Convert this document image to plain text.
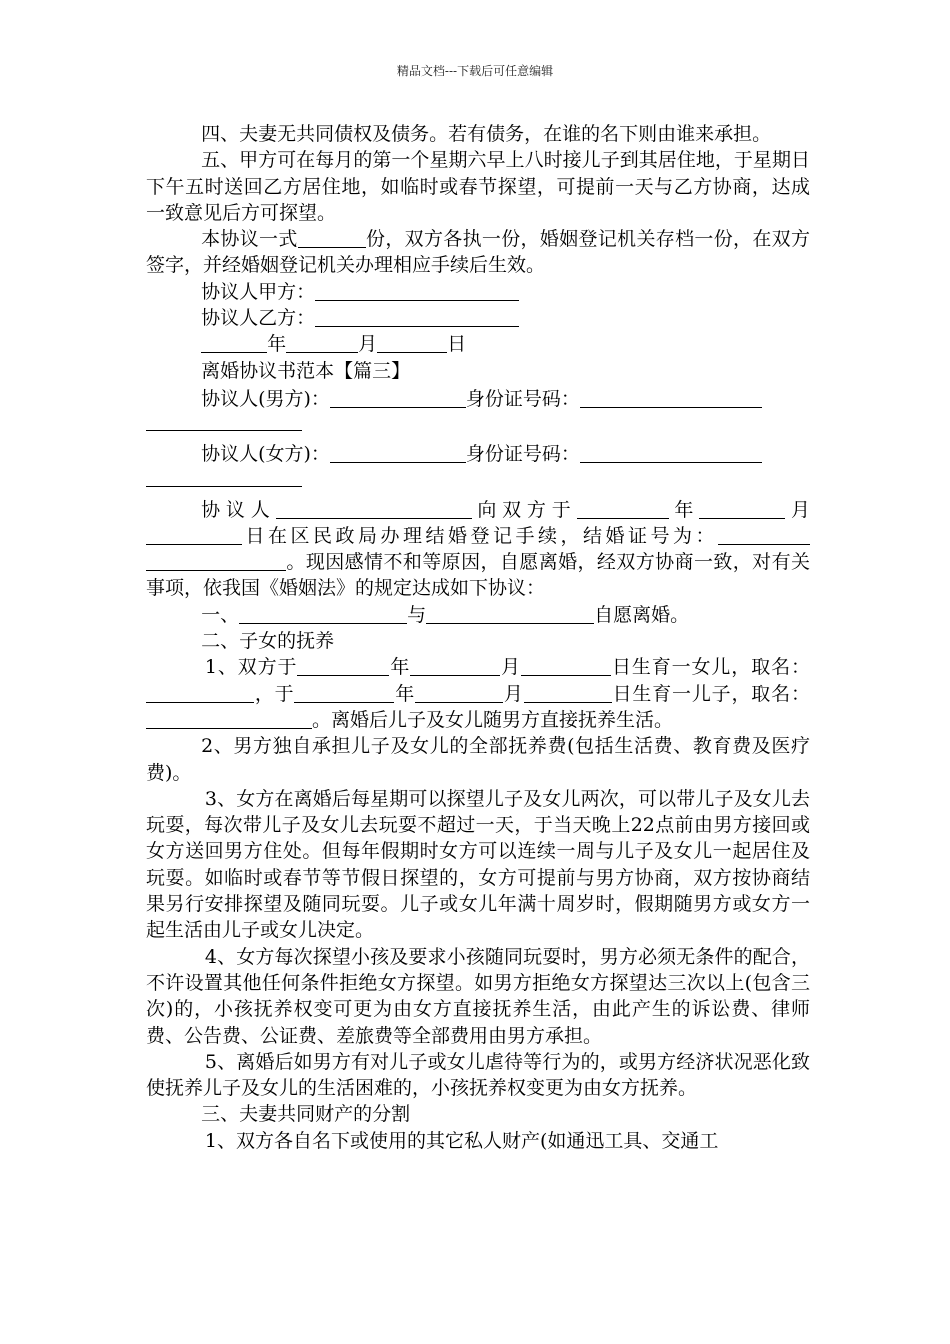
精品文档---下载后可任意编辑

四、夫妻无共同债权及债务。若有债务，在谁的名下则由谁来承担。

五、甲方可在每月的第一个星期六早上八时接儿子到其居住地，于星期日下午五时送回乙方居住地，如临时或春节探望，可提前一天与乙方协商，达成一致意见后方可探望。

本协议一式	份，双方各执一份，婚姻登记机关存档一份，在双方签字，并经婚姻登记机关办理相应手续后生效。

协议人甲方：

协议人乙方：

年	月	日

离婚协议书范本【篇三】

协议人(男方)：	身份证号码：

协议人(女方)：	身份证号码：

协议人	向双方于	年	月日在区民政局办理结婚登记手续，结婚证号为：。现因感情不和等原因，自愿离婚，经双方协商一致，对有关事项，依我国《婚姻法》的规定达成如下协议：

一、	与	自愿离婚。

二、子女的抚养

1、双方于	年	月	日生育一女儿，取名：，于	年	月	日生育一儿子，取名：。离婚后儿子及女儿随男方直接抚养生活。

2、男方独自承担儿子及女儿的全部抚养费(包括生活费、教育费及医疗费)。

3、女方在离婚后每星期可以探望儿子及女儿两次，可以带儿子及女儿去玩耍，每次带儿子及女儿去玩耍不超过一天，于当天晚上22点前由男方接回或女方送回男方住处。但每年假期时女方可以连续一周与儿子及女儿一起居住及玩耍。如临时或春节等节假日探望的，女方可提前与男方协商，双方按协商结果另行安排探望及随同玩耍。儿子或女儿年满十周岁时，假期随男方或女方一起生活由儿子或女儿决定。

4、女方每次探望小孩及要求小孩随同玩耍时，男方必须无条件的配合，不许设置其他任何条件拒绝女方探望。如男方拒绝女方探望达三次以上(包含三次)的，小孩抚养权变可更为由女方直接抚养生活，由此产生的诉讼费、律师费、公告费、公证费、差旅费等全部费用由男方承担。

5、离婚后如男方有对儿子或女儿虐待等行为的，或男方经济状况恶化致使抚养儿子及女儿的生活困难的，小孩抚养权变更为由女方抚养。

三、夫妻共同财产的分割

1、双方各自名下或使用的其它私人财产(如通迅工具、交通工
